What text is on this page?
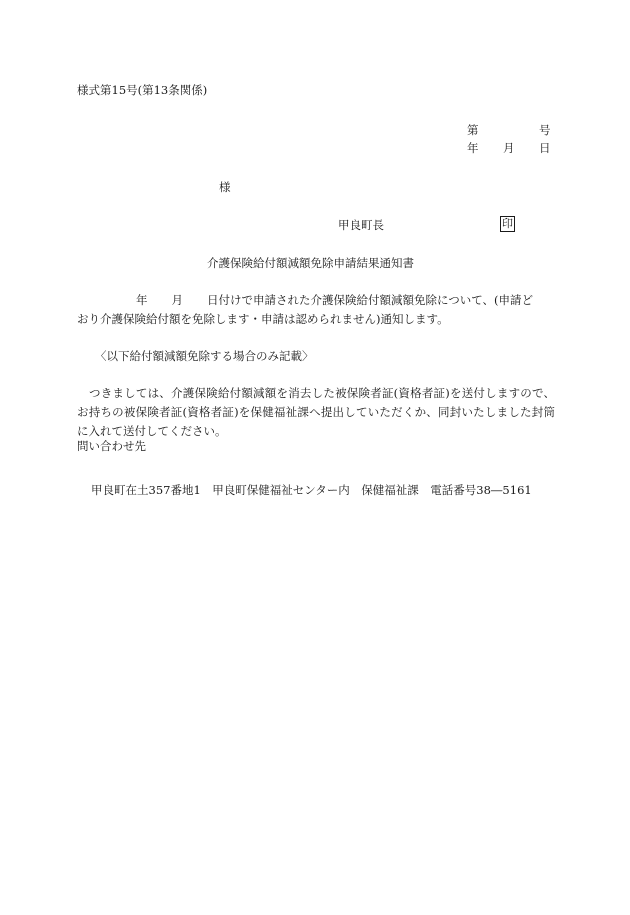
様式第15号(第13条関係)
第	号
年 月 日
様
甲良町長	印
介護保険給付額減額免除申請結果通知書
年 月 日付けで申請された介護保険給付額減額免除について、(申請ど
おり介護保険給付額を免除します・申請は認められません)通知します。
〈以下給付額減額免除する場合のみ記載〉
つきましては、介護保険給付額減額を消去した被保険者証(資格者証)を送付しますので、お持ちの被保険者証(資格者証)を保健福祉課へ提出していただくか、同封いたしました封筒に入れて送付してください。
問い合わせ先
甲良町在土357番地1　甲良町保健福祉センター内　保健福祉課　電話番号38―5161
